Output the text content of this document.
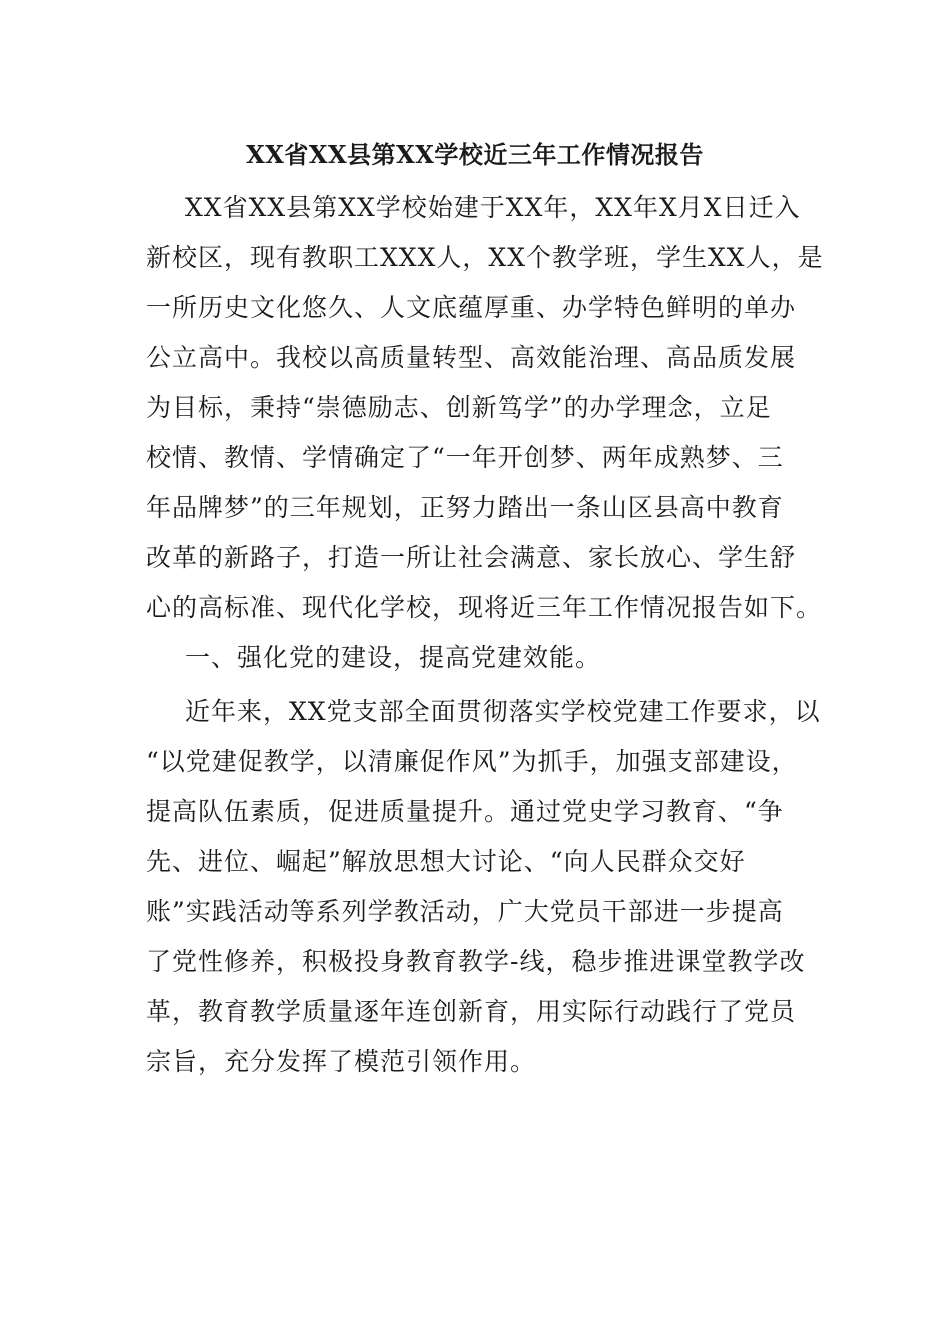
XX省XX县第XX学校近三年工作情况报告
XX省XX县第XX学校始建于XX年，XX年X月X日迁入
新校区，现有教职工XXX人，XX个教学班，学生XX人，是
一所历史文化悠久、人文底蕴厚重、办学特色鲜明的单办
公立高中。我校以高质量转型、高效能治理、高品质发展
为目标，秉持“崇德励志、创新笃学”的办学理念，立足
校情、教情、学情确定了“一年开创梦、两年成熟梦、三
年品牌梦”的三年规划，正努力踏出一条山区县高中教育
改革的新路子，打造一所让社会满意、家长放心、学生舒
心的高标准、现代化学校，现将近三年工作情况报告如下。
一、强化党的建设，提高党建效能。
近年来，XX党支部全面贯彻落实学校党建工作要求，以
“以党建促教学，以清廉促作风”为抓手，加强支部建设，
提高队伍素质，促进质量提升。通过党史学习教育、“争
先、进位、崛起”解放思想大讨论、“向人民群众交好
账”实践活动等系列学教活动，广大党员干部进一步提高
了党性修养，积极投身教育教学-线，稳步推进课堂教学改
革，教育教学质量逐年连创新育，用实际行动践行了党员
宗旨，充分发挥了模范引领作用。
